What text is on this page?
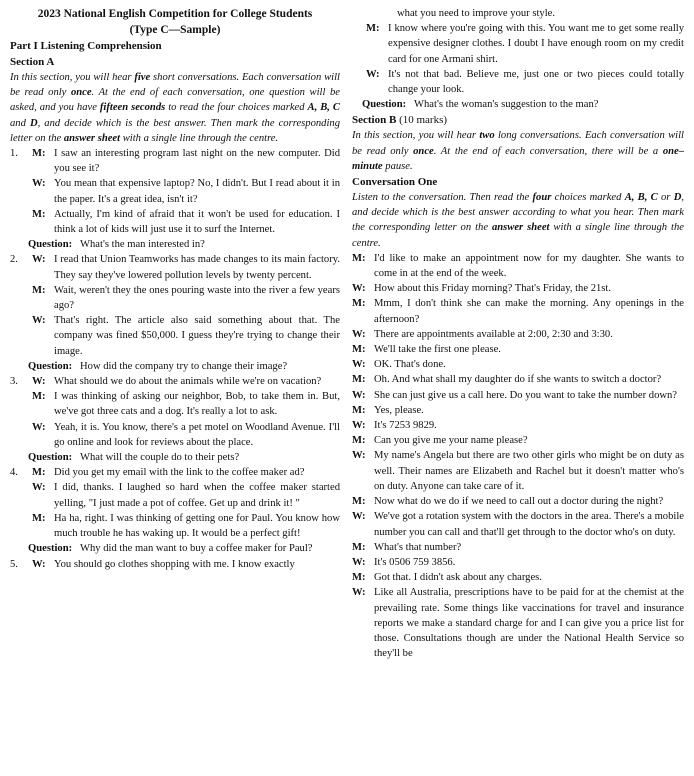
2023 National English Competition for College Students

(Type C—Sample)

Part I Listening Comprehension

Section A

In this section, you will hear five short conversations. Each conversation will be read only once. At the end of each conversation, one question will be asked, and you have fifteen seconds to read the four choices marked A, B, C and D, and decide which is the best answer. Then mark the corresponding letter on the answer sheet with a single line through the centre.

1. M: I saw an interesting program last night on the new computer. Did you see it?

W: You mean that expensive laptop? No, I didn't. But I read about it in the paper. It's a great idea, isn't it?

M: Actually, I'm kind of afraid that it won't be used for education. I think a lot of kids will just use it to surf the Internet.

Question: What's the man interested in?

2. W: I read that Union Teamworks has made changes to its main factory. They say they've lowered pollution levels by twenty percent.

M: Wait, weren't they the ones pouring waste into the river a few years ago?

W: That's right. The article also said something about that. The company was fined $50,000. I guess they're trying to change their image.

Question: How did the company try to change their image?

3. W: What should we do about the animals while we're on vacation?

M: I was thinking of asking our neighbor, Bob, to take them in. But, we've got three cats and a dog. It's really a lot to ask.

W: Yeah, it is. You know, there's a pet motel on Woodland Avenue. I'll go online and look for reviews about the place.

Question: What will the couple do to their pets?

4. M: Did you get my email with the link to the coffee maker ad?

W: I did, thanks. I laughed so hard when the coffee maker started yelling, "I just made a pot of coffee. Get up and drink it! "

M: Ha ha, right. I was thinking of getting one for Paul. You know how much trouble he has waking up. It would be a perfect gift!

Question: Why did the man want to buy a coffee maker for Paul?

5. W: You should go clothes shopping with me. I know exactly

what you need to improve your style.

M: I know where you're going with this. You want me to get some really expensive designer clothes. I doubt I have enough room on my credit card for one Armani shirt.

W: It's not that bad. Believe me, just one or two pieces could totally change your look.

Question: What's the woman's suggestion to the man?

Section B (10 marks)

In this section, you will hear two long conversations. Each conversation will be read only once. At the end of each conversation, there will be a one–minute pause.

Conversation One

Listen to the conversation. Then read the four choices marked A, B, C or D, and decide which is the best answer according to what you hear. Then mark the corresponding letter on the answer sheet with a single line through the centre.

M: I'd like to make an appointment now for my daughter. She wants to come in at the end of the week.

W: How about this Friday morning? That's Friday, the 21st.

M: Mmm, I don't think she can make the morning. Any openings in the afternoon?

W: There are appointments available at 2:00, 2:30 and 3:30.

M: We'll take the first one please.

W: OK. That's done.

M: Oh. And what shall my daughter do if she wants to switch a doctor?

W: She can just give us a call here. Do you want to take the number down?

M: Yes, please.

W: It's 7253 9829.

M: Can you give me your name please?

W: My name's Angela but there are two other girls who might be on duty as well. Their names are Elizabeth and Rachel but it doesn't matter who's on duty. Anyone can take care of it.

M: Now what do we do if we need to call out a doctor during the night?

W: We've got a rotation system with the doctors in the area. There's a mobile number you can call and that'll get through to the doctor who's on duty.

M: What's that number?

W: It's 0506 759 3856.

M: Got that. I didn't ask about any charges.

W: Like all Australia, prescriptions have to be paid for at the chemist at the prevailing rate. Some things like vaccinations for travel and insurance reports we make a standard charge for and I can give you a price list for those. Consultations though are under the National Health Service so they'll be
